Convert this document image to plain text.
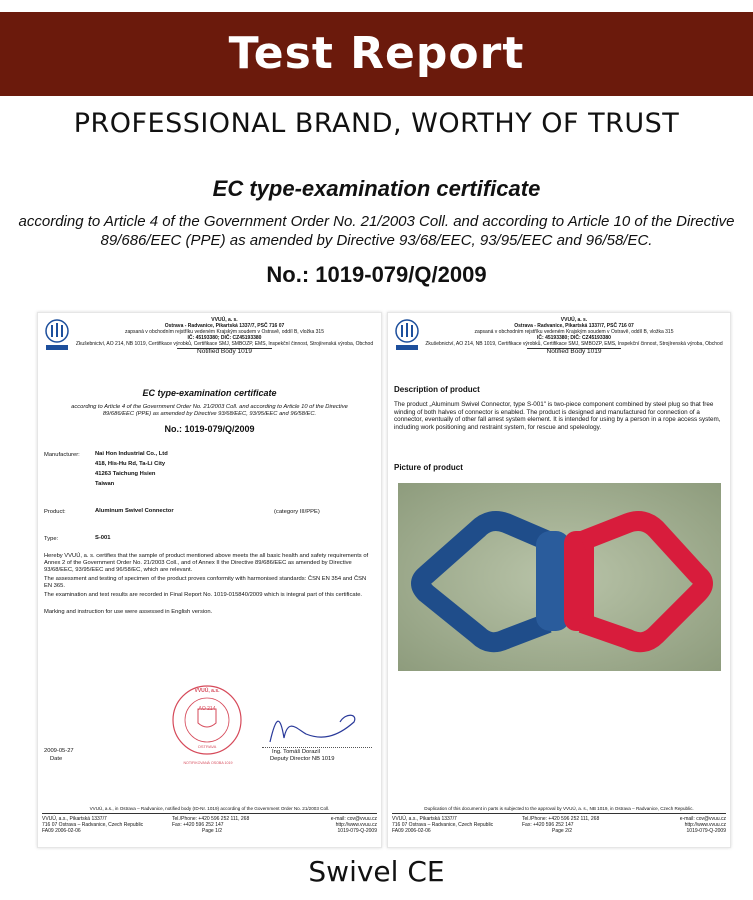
Test Report
PROFESSIONAL BRAND, WORTHY OF TRUST
EC type-examination certificate
according to Article 4 of the Government Order No. 21/2003 Coll. and according to Article 10 of the Directive
89/686/EEC (PPE) as amended by Directive 93/68/EEC, 93/95/EEC and 96/58/EC.
No.: 1019-079/Q/2009
VVUÚ, a. s.
Ostrava - Radvanice, Pikartská 1337/7, PSČ 716 07
zapsaná v obchodním rejstříku vedeném Krajským soudem v Ostravě, oddíl B, vložka 315
IČ: 45193380; DIČ: CZ45193380
Zkušebnictví, AO 214, NB 1019, Certifikace výrobků, Certifikace SMJ, SMBOZP, EMS, Inspekční činnost, Strojírenská výroba, Obchod
Notified Body 1019
EC type-examination certificate
according to Article 4 of the Government Order No. 21/2003 Coll. and according to Article 10 of the Directive
89/686/EEC (PPE) as amended by Directive 93/68/EEC, 93/95/EEC and 96/58/EC.
No.: 1019-079/Q/2009
Manufacturer:	Nai Hon Industrial Co., Ltd
418, His-Hu Rd, Ta-Li City
41263 Taichung Hsien
Taiwan
Product:	Aluminum Swivel Connector	(category III/PPE)
Type:	S-001
Hereby VVUÚ, a. s. certifies that the sample of product mentioned above meets the all basic health and safety requirements of Annex 2 of the Government Order No. 21/2003 Coll., and of Annex II the Directive 89/686/EEC as amended by Directive 93/68/EEC, 93/95/EEC and 96/58/EC, which are relevant.
The assessment and testing of specimen of the product proves conformity with harmonised standards: ČSN EN 354 and ČSN EN 365.
The examination and test results are recorded in Final Report No. 1019-015840/2009 which is integral part of this certificate.
Marking and instruction for use were assessed in English version.
VVUÚ, a.s.
AO 214
OSTRAVA
NOTIFIKOVANÁ OSOBA 1019
2009-05-27
Date
Ing. Tomáš Dorazil
Deputy Director NB 1019
VVUÚ, a.s., in Ostrava – Radvanice, notified body (ID-Nr. 1019) according of the Government Order No. 21/2003 Coll.
VVUÚ, a.s., Pikartská 1337/7
716 07 Ostrava – Radvanice, Czech Republic
FA09 2006-02-06
Tel./Phone: +420 596 252 111, 268
Fax: +420 596 252 147
Page 1/2
e-mail: cov@vvuu.cz
http://www.vvuu.cz
1019-079-Q-2009
VVUÚ, a. s.
Ostrava - Radvanice, Pikartská 1337/7, PSČ 716 07
zapsaná v obchodním rejstříku vedeném Krajským soudem v Ostravě, oddíl B, vložka 315
IČ: 45193380; DIČ: CZ45193380
Zkušebnictví, AO 214, NB 1019, Certifikace výrobků, Certifikace SMJ, SMBOZP, EMS, Inspekční činnost, Strojírenská výroba, Obchod
Notified Body 1019
Description of product
The product „Aluminum Swivel Connector, type S-001" is two-piece component combined by steel plug so that free winding of both halves of connector is enabled. The product is designed and manufactured for connection of a connector, eventually of other fall arrest system element. It is intended for using by a person in a rope access system, including work positioning and restraint system, for rescue and speleology.
Picture of product
Duplication of this document in parts is subjected to the approval by VVUÚ, a. s., NB 1019, in Ostrava – Radvanice, Czech Republic.
VVUÚ, a.s., Pikartská 1337/7
716 07 Ostrava – Radvanice, Czech Republic
FA09 2006-02-06
Tel./Phone: +420 596 252 111, 268
Fax: +420 596 252 147
Page 2/2
e-mail: cov@vvuu.cz
http://www.vvuu.cz
1019-079-Q-2009
Swivel CE
